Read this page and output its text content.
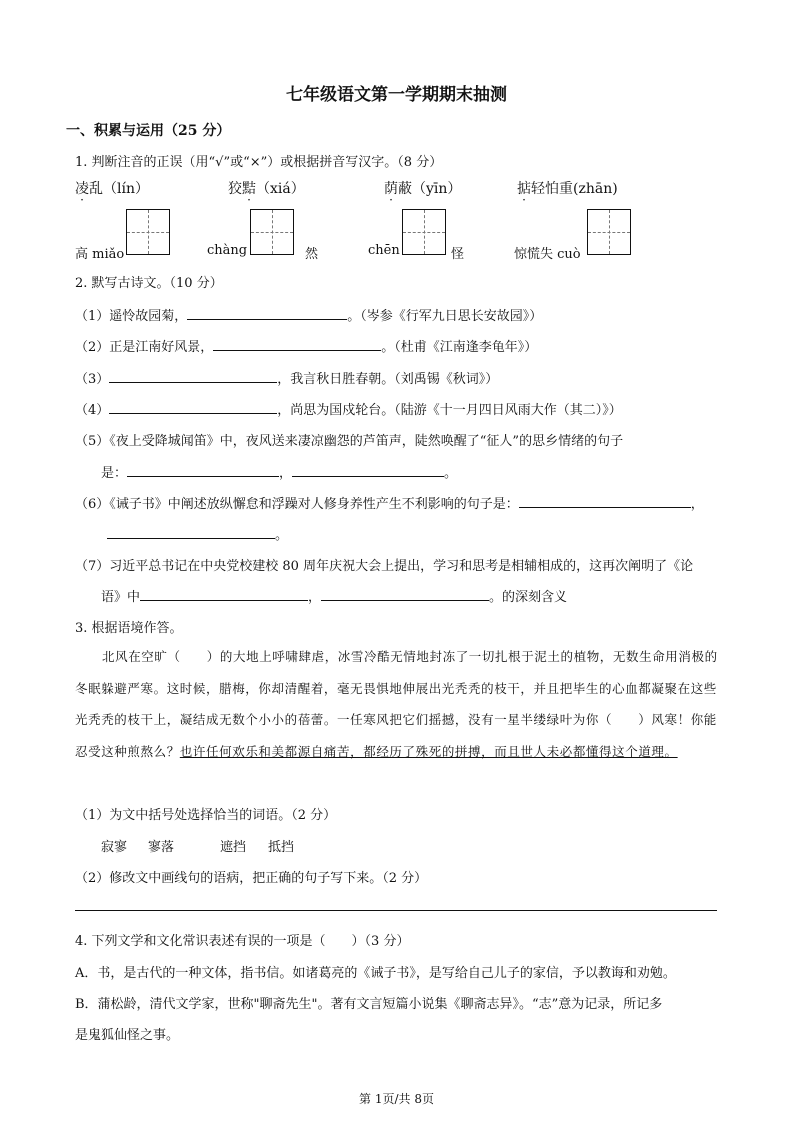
七年级语文第一学期期末抽测
一、积累与运用（25 分）
1. 判断注音的正误（用“√”或“×”）或根据拼音写汉字。（8 分）
凌乱（lín）	狡黠（xiá）	荫蔽（yīn）	掂轻怕重(zhān)
高 miǎo	chàng	然	chēn	怪	惊慌失 cuò
2. 默写古诗文。（10 分）
（1）遥怜故园菊，	。（岑参《行军九日思长安故园》）
（2）正是江南好风景，	。（杜甫《江南逢李龟年》）
（3）	，我言秋日胜春朝。（刘禹锡《秋词》）
（4）	，尚思为国戍轮台。（陆游《十一月四日风雨大作（其二）》）
（5）《夜上受降城闻笛》中，夜风送来凄凉幽怨的芦笛声，陡然唤醒了“征人”的思乡情绪的句子
是：	，	。
（6）《诫子书》中阐述放纵懈怠和浮躁对人修身养性产生不利影响的句子是：	，
。
（7）习近平总书记在中央党校建校 80 周年庆祝大会上提出，学习和思考是相辅相成的，这再次阐明了《论
语》中	，	。的深刻含义
3. 根据语境作答。
北风在空旷（　　）的大地上呼啸肆虐，冰雪冷酷无情地封冻了一切扎根于泥土的植物，无数生命用消极的冬眠躲避严寒。这时候，腊梅，你却清醒着，毫无畏惧地伸展出光秃秃的枝干，并且把毕生的心血都凝聚在这些光秃秃的枝干上，凝结成无数个小小的蓓蕾。一任寒风把它们摇撼，没有一星半缕绿叶为你（　　）风寒！你能忍受这种煎熬么？也许任何欢乐和美都源自痛苦，都经历了殊死的拼搏，而且世人未必都懂得这个道理。
（1）为文中括号处选择恰当的词语。（2 分）
寂寥 寥落	遮挡 抵挡
（2）修改文中画线句的语病，把正确的句子写下来。（2 分）
4. 下列文学和文化常识表述有误的一项是（　　）（3 分）
A．书，是古代的一种文体，指书信。如诸葛亮的《诫子书》，是写给自己儿子的家信，予以教诲和劝勉。
B．蒲松龄，清代文学家，世称"聊斋先生"。著有文言短篇小说集《聊斋志异》。“志”意为记录，所记多
是鬼狐仙怪之事。
第 1页/共 8页
